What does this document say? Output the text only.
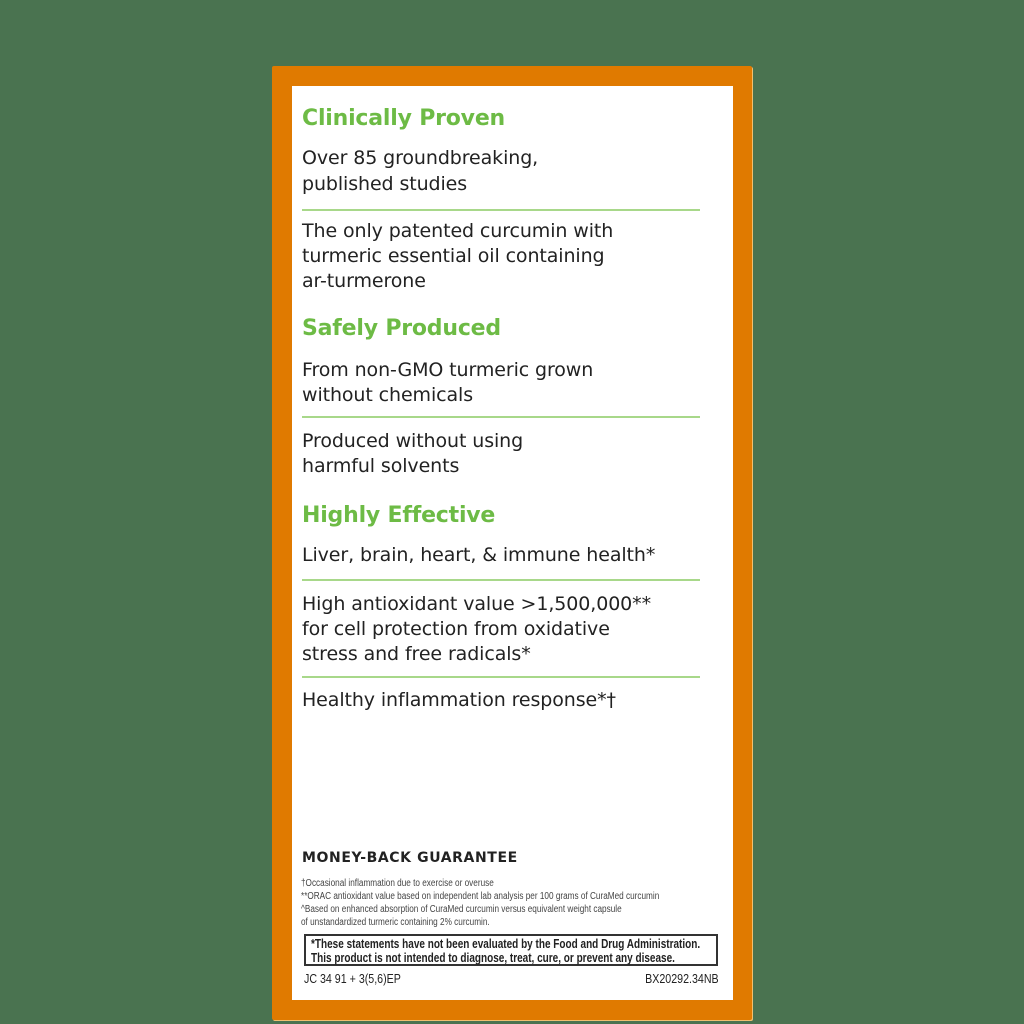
Clinically Proven

Over 85 groundbreaking,

published studies

The only patented curcumin with

turmeric essential oil containing

ar-turmerone

Safely Produced

From non-GMO turmeric grown

without chemicals

Produced without using

harmful solvents

Highly Effective

Liver, brain, heart, & immune health*

High antioxidant value >1,500,000**

for cell protection from oxidative

stress and free radicals*

Healthy inflammation response*†

MONEY-BACK GUARANTEE
†Occasional inflammation due to exercise or overuse
**ORAC antioxidant value based on independent lab analysis per 100 grams of CuraMed curcumin
^Based on enhanced absorption of CuraMed curcumin versus equivalent weight capsule
of unstandardized turmeric containing 2% curcumin.
*These statements have not been evaluated by the Food and Drug Administration.
This product is not intended to diagnose, treat, cure, or prevent any disease.
JC 34 91 + 3(5,6)EP	BX20292.34NB
